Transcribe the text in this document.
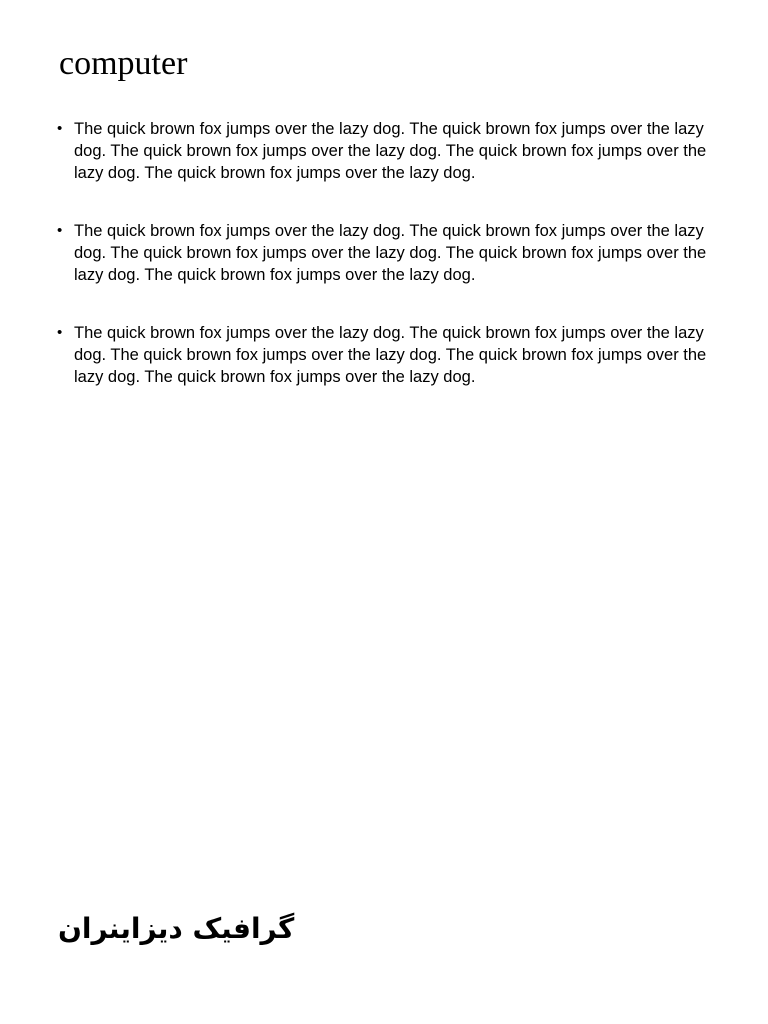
computer
• The quick brown fox jumps over the lazy dog. The quick brown fox jumps over the lazy dog. The quick brown fox jumps over the lazy dog. The quick brown fox jumps over the lazy dog. The quick brown fox jumps over the lazy dog.
• The quick brown fox jumps over the lazy dog. The quick brown fox jumps over the lazy dog. The quick brown fox jumps over the lazy dog. The quick brown fox jumps over the lazy dog. The quick brown fox jumps over the lazy dog.
• The quick brown fox jumps over the lazy dog. The quick brown fox jumps over the lazy dog. The quick brown fox jumps over the lazy dog. The quick brown fox jumps over the lazy dog. The quick brown fox jumps over the lazy dog.

گرافیک دیزاینران
